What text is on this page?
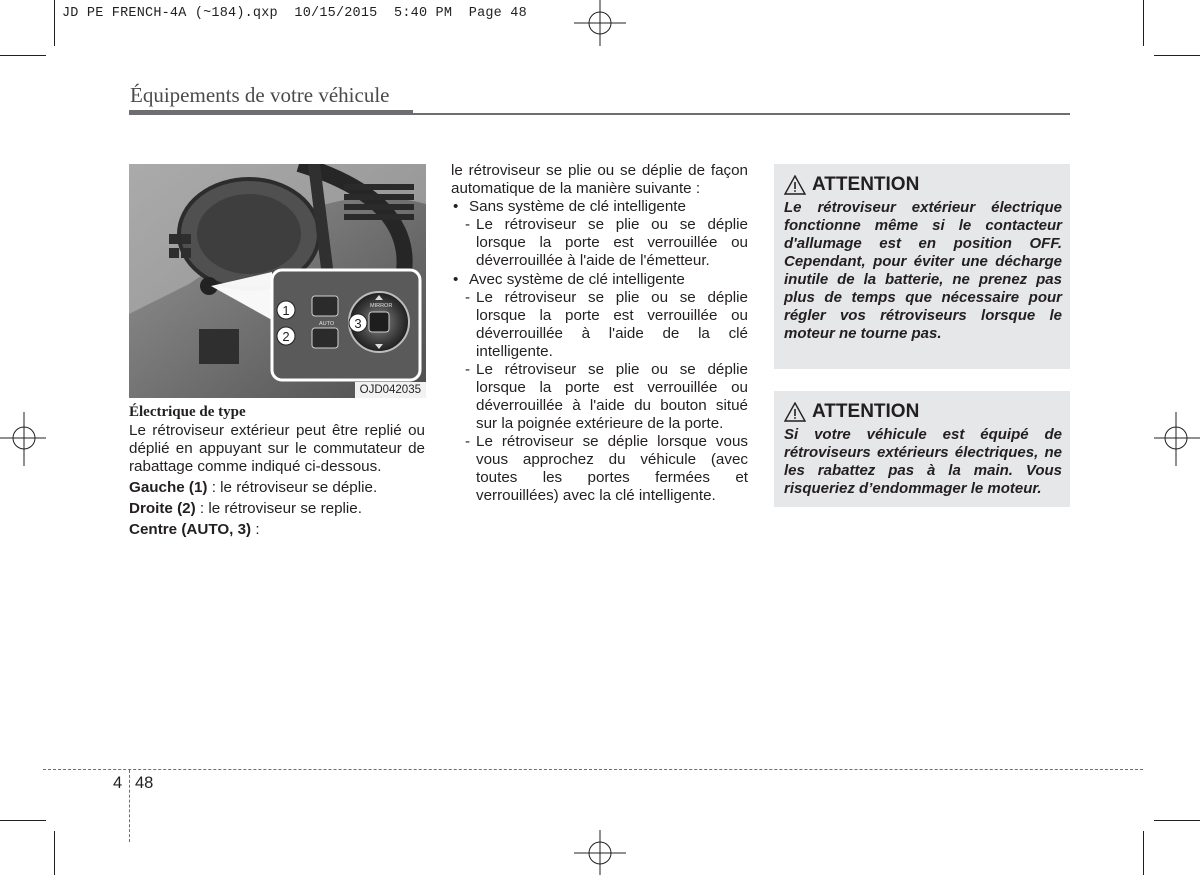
JD PE FRENCH-4A (~184).qxp  10/15/2015  5:40 PM  Page 48
Équipements de votre véhicule
MIRROR
AUTO
1
2
3
OJD042035

Électrique de type

Le rétroviseur extérieur peut être replié ou déplié en appuyant sur le commutateur de rabattage comme indiqué ci-dessous.

Gauche (1) : le rétroviseur se déplie.

Droite (2) : le rétroviseur se replie.

Centre (AUTO, 3) :

le rétroviseur se plie ou se déplie de façon automatique de la manière suivante :

• Sans système de clé intelligente
- Le rétroviseur se plie ou se déplie lorsque la porte est verrouillée ou déverrouillée à l'aide de l'émetteur.
• Avec système de clé intelligente
- Le rétroviseur se plie ou se déplie lorsque la porte est verrouillée ou déverrouillée à l'aide de la clé intelligente.
- Le rétroviseur se plie ou se déplie lorsque la porte est verrouillée ou déverrouillée à l'aide du bouton situé sur la poignée extérieure de la porte.
- Le rétroviseur se déplie lorsque vous vous approchez du véhicule (avec toutes les portes fermées et verrouillées) avec la clé intelligente.
ATTENTION
Le rétroviseur extérieur électrique fonctionne même si le contacteur d'allumage est en position OFF. Cependant, pour éviter une décharge inutile de la batterie, ne prenez pas plus de temps que nécessaire pour régler vos rétroviseurs lorsque le moteur ne tourne pas.
ATTENTION
Si votre véhicule est équipé de rétroviseurs extérieurs électriques, ne les rabattez pas à la main. Vous risqueriez d’endommager le moteur.
4 48
